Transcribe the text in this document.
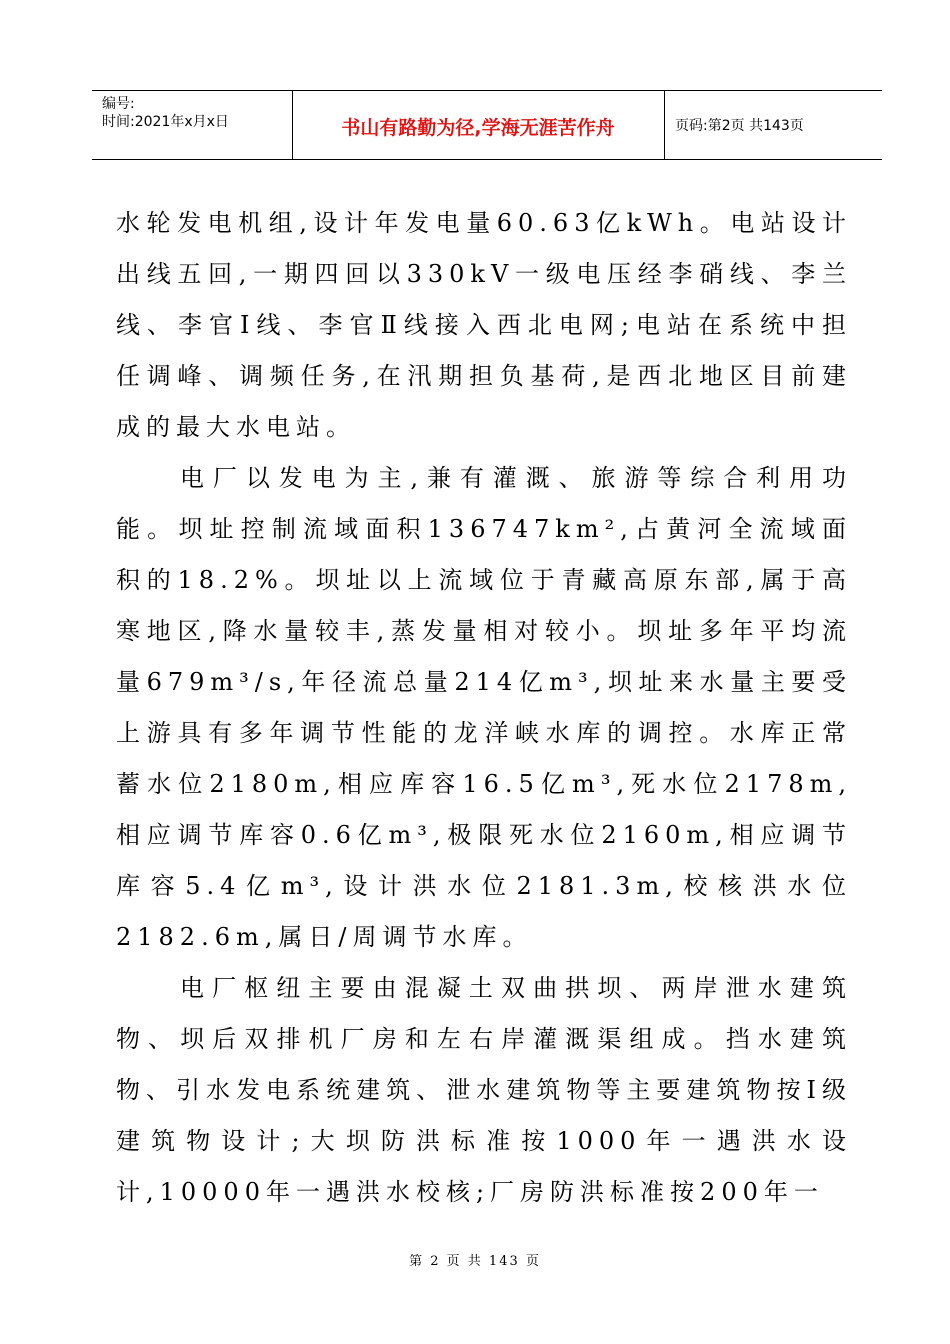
编号:
时间:2021年x月x日	书山有路勤为径,学海无涯苦作舟	页码:第2页 共143页

水轮发电机组,设计年发电量60.63亿kWh。电站设计出线五回,一期四回以330kV一级电压经李硝线、李兰线、李官Ⅰ线、李官Ⅱ线接入西北电网;电站在系统中担任调峰、调频任务,在汛期担负基荷,是西北地区目前建成的最大水电站。

电厂以发电为主,兼有灌溉、旅游等综合利用功能。坝址控制流域面积136747km²,占黄河全流域面积的18.2%。坝址以上流域位于青藏高原东部,属于高寒地区,降水量较丰,蒸发量相对较小。坝址多年平均流量679m³/s,年径流总量214亿m³,坝址来水量主要受上游具有多年调节性能的龙洋峡水库的调控。水库正常蓄水位2180m,相应库容16.5亿m³,死水位2178m,相应调节库容0.6亿m³,极限死水位2160m,相应调节库容5.4亿m³,设计洪水位2181.3m,校核洪水位2182.6m,属日/周调节水库。

电厂枢纽主要由混凝土双曲拱坝、两岸泄水建筑物、坝后双排机厂房和左右岸灌溉渠组成。挡水建筑物、引水发电系统建筑、泄水建筑物等主要建筑物按Ⅰ级建筑物设计;大坝防洪标准按1000年一遇洪水设计,10000年一遇洪水校核;厂房防洪标准按200年一

第 2 页 共 143 页
